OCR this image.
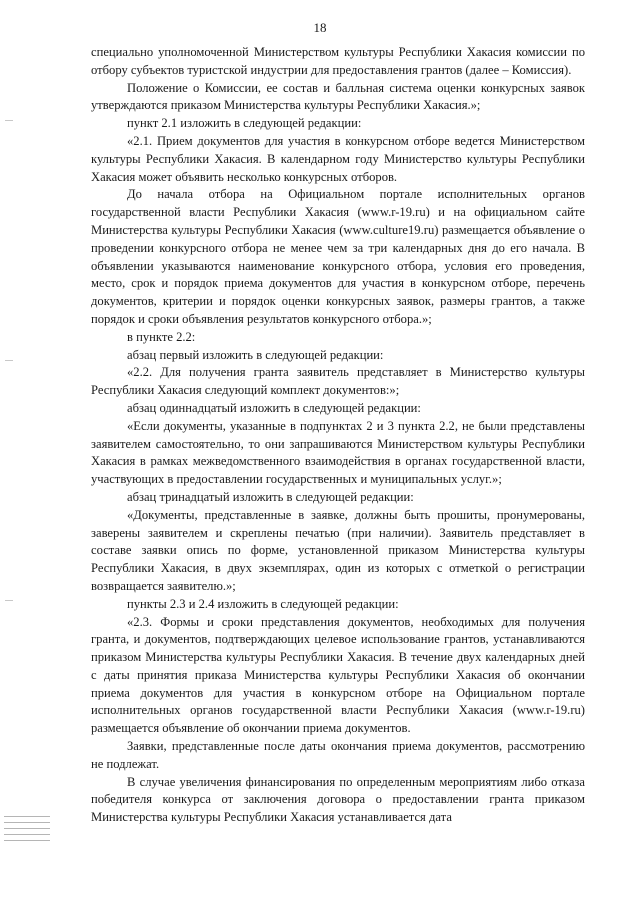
18

специально уполномоченной Министерством культуры Республики Хакасия комиссии по отбору субъектов туристской индустрии для предоставления грантов (далее – Комиссия).

Положение о Комиссии, ее состав и балльная система оценки конкурсных заявок утверждаются приказом Министерства культуры Республики Хакасия.»;

пункт 2.1 изложить в следующей редакции:

«2.1. Прием документов для участия в конкурсном отборе ведется Министерством культуры Республики Хакасия. В календарном году Министерство культуры Республики Хакасия может объявить несколько конкурсных отборов.

До начала отбора на Официальном портале исполнительных органов государственной власти Республики Хакасия (www.r-19.ru) и на официальном сайте Министерства культуры Республики Хакасия (www.culture19.ru) размещается объявление о проведении конкурсного отбора не менее чем за три календарных дня до его начала. В объявлении указываются наименование конкурсного отбора, условия его проведения, место, срок и порядок приема документов для участия в конкурсном отборе, перечень документов, критерии и порядок оценки конкурсных заявок, размеры грантов, а также порядок и сроки объявления результатов конкурсного отбора.»;

в пункте 2.2:

абзац первый изложить в следующей редакции:

«2.2. Для получения гранта заявитель представляет в Министерство культуры Республики Хакасия следующий комплект документов:»;

абзац одиннадцатый изложить в следующей редакции:

«Если документы, указанные в подпунктах 2 и 3 пункта 2.2, не были представлены заявителем самостоятельно, то они запрашиваются Министерством культуры Республики Хакасия в рамках межведомственного взаимодействия в органах государственной власти, участвующих в предоставлении государственных и муниципальных услуг.»;

абзац тринадцатый изложить в следующей редакции:

«Документы, представленные в заявке, должны быть прошиты, пронумерованы, заверены заявителем и скреплены печатью (при наличии). Заявитель представляет в составе заявки опись по форме, установленной приказом Министерства культуры Республики Хакасия, в двух экземплярах, один из которых с отметкой о регистрации возвращается заявителю.»;

пункты 2.3 и 2.4 изложить в следующей редакции:

«2.3. Формы и сроки представления документов, необходимых для получения гранта, и документов, подтверждающих целевое использование грантов, устанавливаются приказом Министерства культуры Республики Хакасия. В течение двух календарных дней с даты принятия приказа Министерства культуры Республики Хакасия об окончании приема документов для участия в конкурсном отборе на Официальном портале исполнительных органов государственной власти Республики Хакасия (www.r-19.ru) размещается объявление об окончании приема документов.

Заявки, представленные после даты окончания приема документов, рассмотрению не подлежат.

В случае увеличения финансирования по определенным мероприятиям либо отказа победителя конкурса от заключения договора о предоставлении гранта приказом Министерства культуры Республики Хакасия устанавливается дата
